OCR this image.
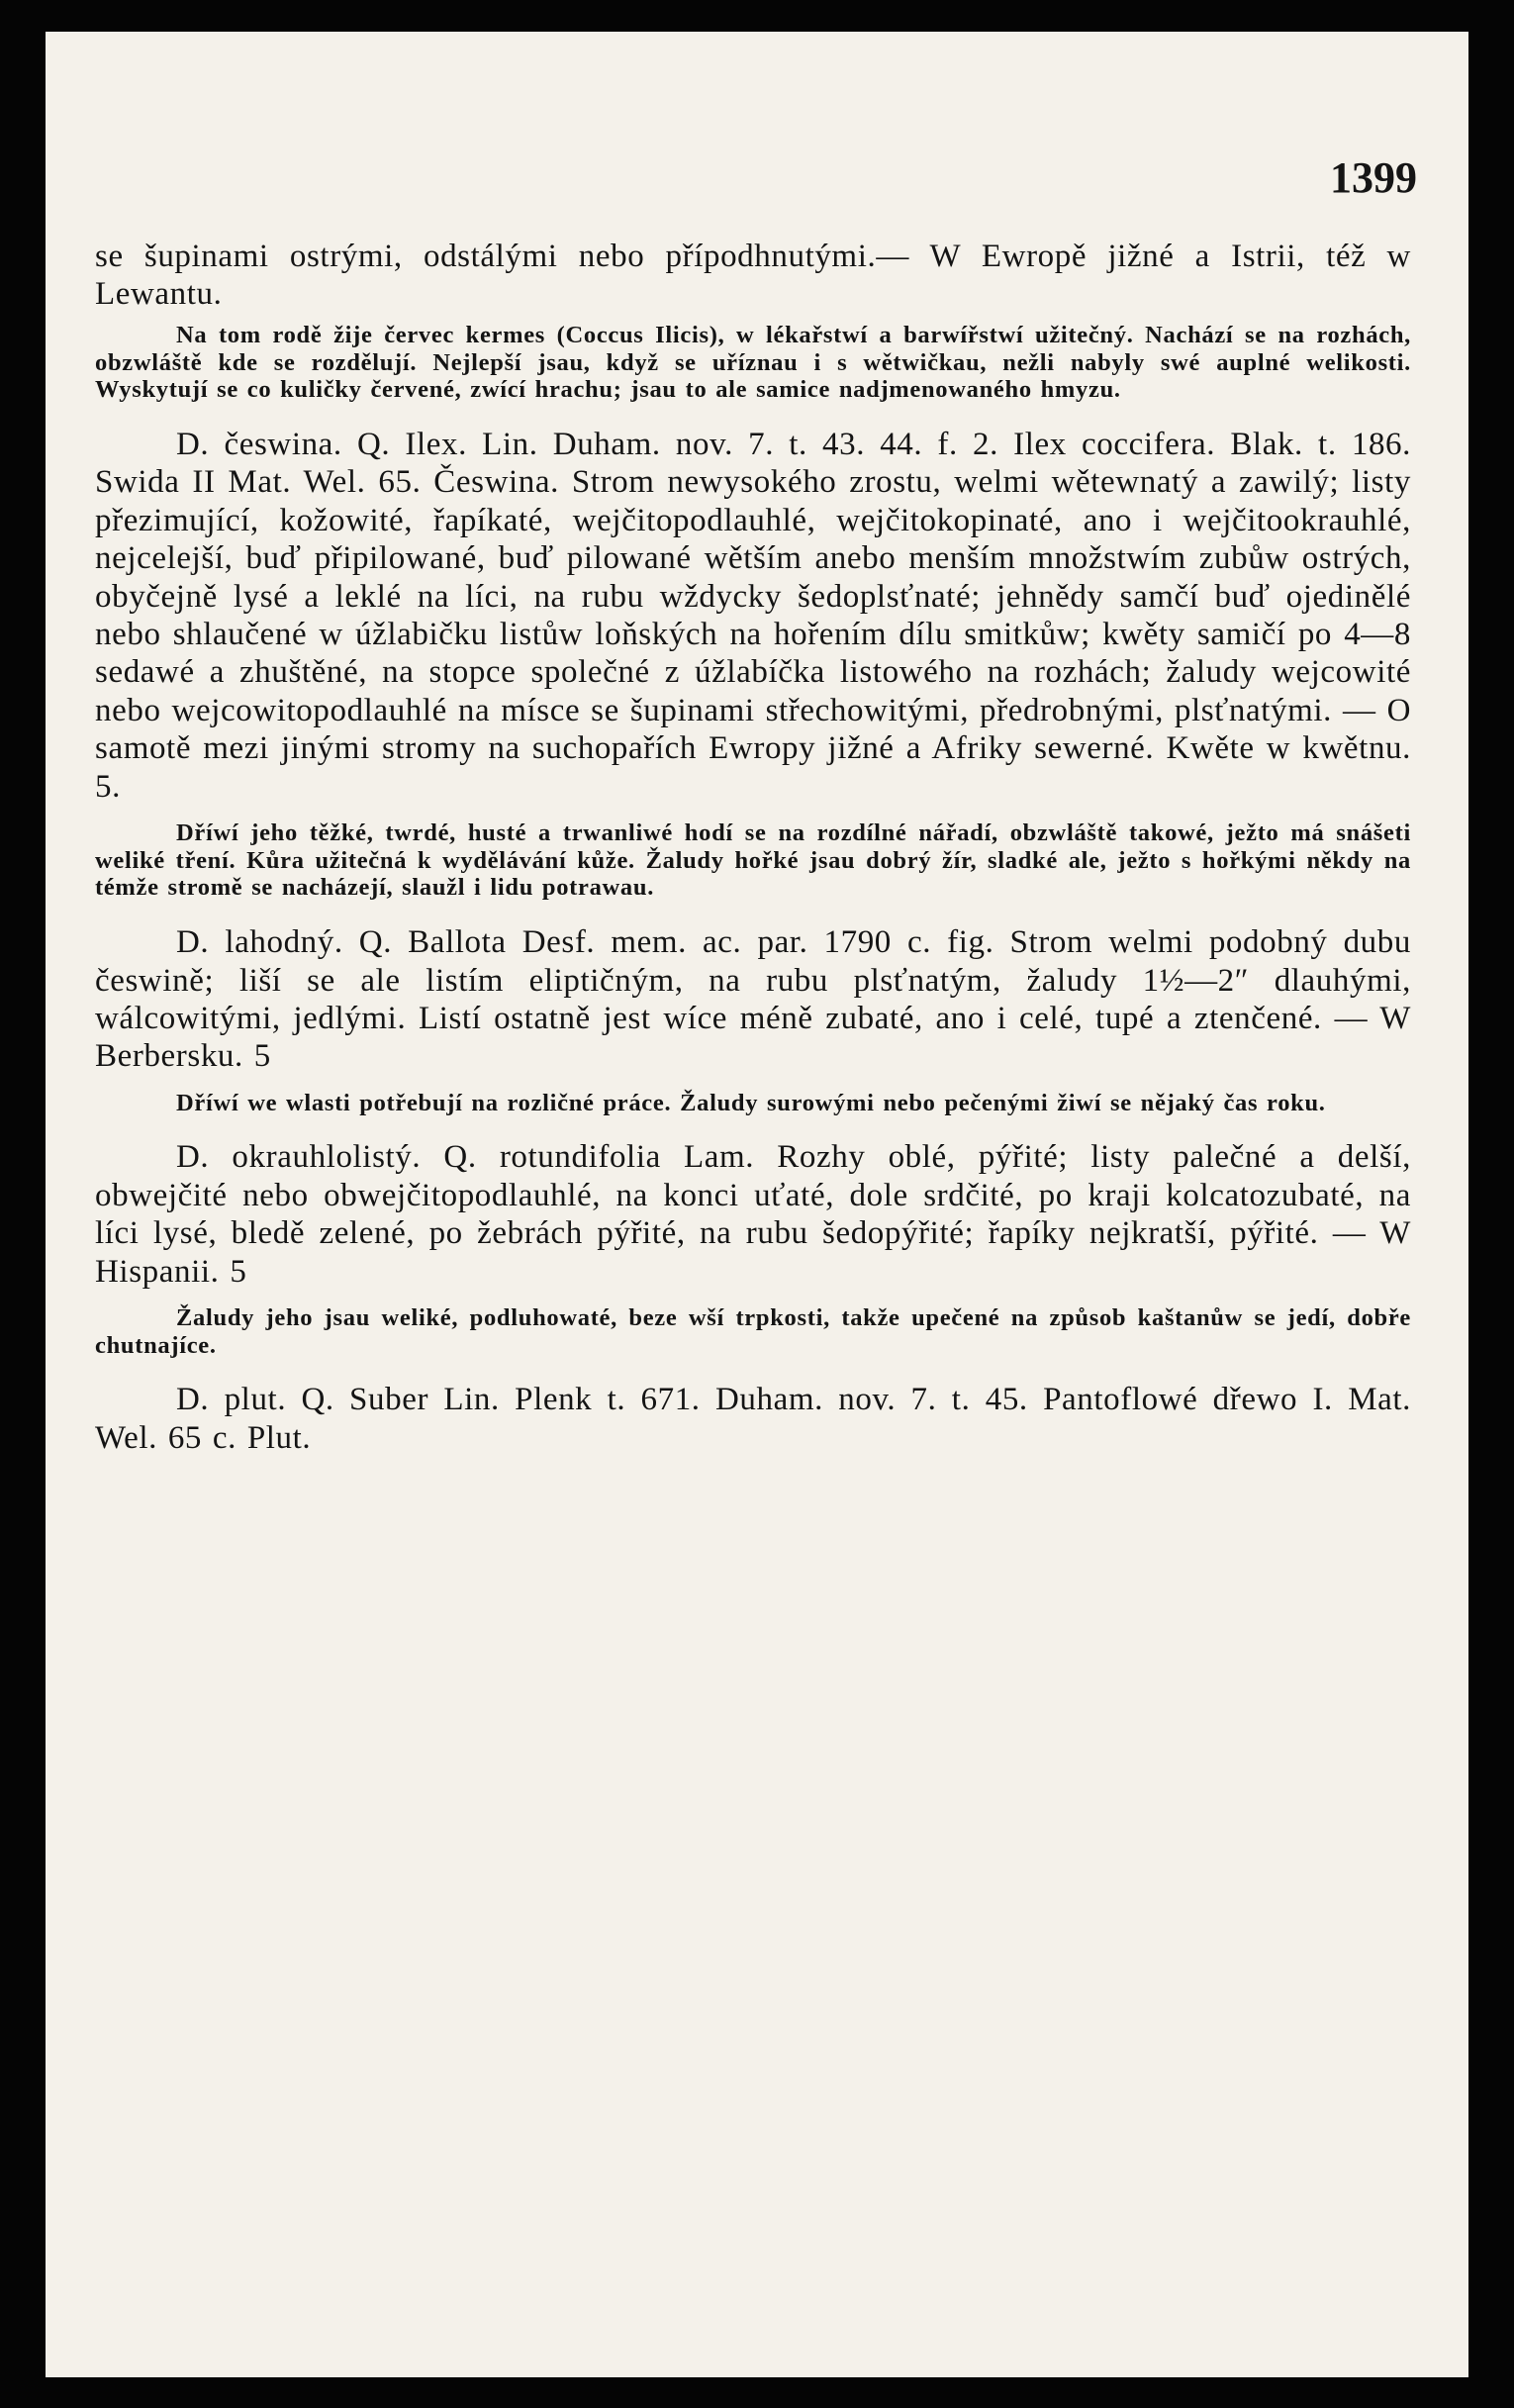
1399

se šupinami ostrými, odstálými nebo přípodhnutými.— W Ewropě jižné a Istrii, též w Lewantu.

Na tom rodě žije červec kermes (Coccus Ilicis), w lékařstwí a barwířstwí užitečný. Nachází se na rozhách, obzwláště kde se rozdělují. Nejlepší jsau, když se uříznau i s wětwičkau, nežli nabyly swé auplné welikosti. Wyskytují se co kuličky červené, zwící hrachu; jsau to ale samice nadjmenowaného hmyzu.

D. česwina. Q. Ilex. Lin. Duham. nov. 7. t. 43. 44. f. 2. Ilex coccifera. Blak. t. 186. Swida II Mat. Wel. 65. Česwina. Strom newysokého zrostu, welmi wětewnatý a zawilý; listy přezimující, kožowité, řapíkaté, wejčitopodlauhlé, wejčitokopinaté, ano i wejčitookrauhlé, nejcelejší, buď připilowané, buď pilowané wětším anebo menším množstwím zubůw ostrých, obyčejně lysé a leklé na líci, na rubu wždycky šedoplsťnaté; jehnědy samčí buď ojedinělé nebo shlaučené w úžlabičku listůw loňských na hořením dílu smitkůw; kwěty samičí po 4—8 sedawé a zhuštěné, na stopce společné z úžlabíčka listowého na rozhách; žaludy wejcowité nebo wejcowitopodlauhlé na mísce se šupinami střechowitými, předrobnými, plsťnatými. — O samotě mezi jinými stromy na suchopařích Ewropy jižné a Afriky sewerné. Kwěte w kwětnu. 5.

Dříwí jeho těžké, twrdé, husté a trwanliwé hodí se na rozdílné nářadí, obzwláště takowé, ježto má snášeti weliké tření. Kůra užitečná k wydělávání kůže. Žaludy hořké jsau dobrý žír, sladké ale, ježto s hořkými někdy na témže stromě se nacházejí, slaužl i lidu potrawau.

D. lahodný. Q. Ballota Desf. mem. ac. par. 1790 c. fig. Strom welmi podobný dubu česwině; liší se ale listím eliptičným, na rubu plsťnatým, žaludy 1½—2″ dlauhými, wálcowitými, jedlými. Listí ostatně jest wíce méně zubaté, ano i celé, tupé a ztenčené. — W Berbersku. 5

Dříwí we wlasti potřebují na rozličné práce. Žaludy surowými nebo pečenými žiwí se nějaký čas roku.

D. okrauhlolistý. Q. rotundifolia Lam. Rozhy oblé, pýřité; listy palečné a delší, obwejčité nebo obwejčitopodlauhlé, na konci uťaté, dole srdčité, po kraji kolcatozubaté, na líci lysé, bledě zelené, po žebrách pýřité, na rubu šedopýřité; řapíky nejkratší, pýřité. — W Hispanii. 5

Žaludy jeho jsau weliké, podluhowaté, beze wší trpkosti, takže upečené na způsob kaštanůw se jedí, dobře chutnajíce.

D. plut. Q. Suber Lin. Plenk t. 671. Duham. nov. 7. t. 45. Pantoflowé dřewo I. Mat. Wel. 65 c. Plut.
